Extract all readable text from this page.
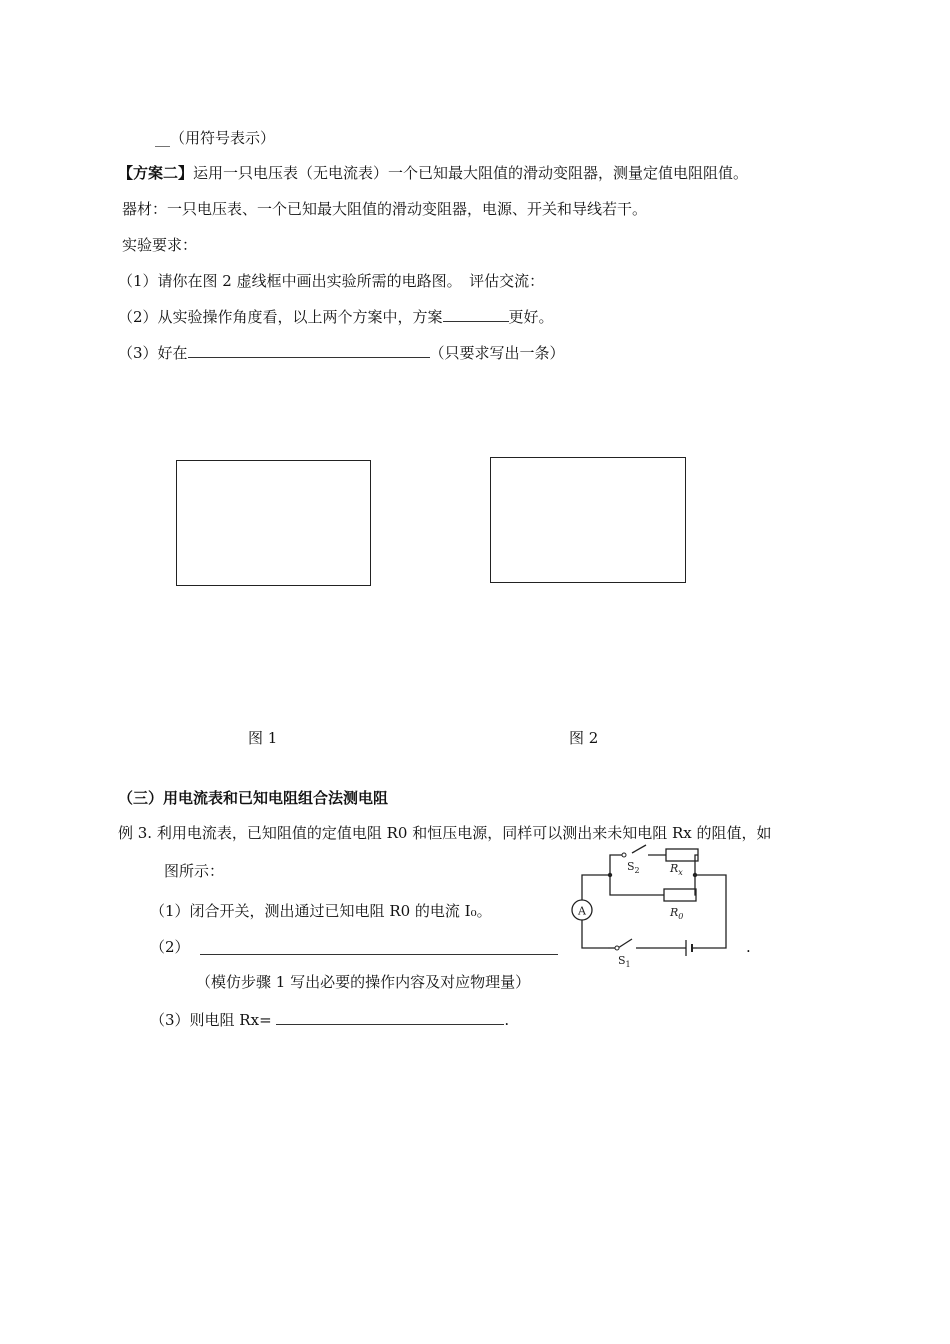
__（用符号表示）
【方案二】运用一只电压表（无电流表）一个已知最大阻值的滑动变阻器，测量定值电阻阻值。
器材：一只电压表、一个已知最大阻值的滑动变阻器，电源、开关和导线若干。
实验要求：
（1）请你在图 2 虚线框中画出实验所需的电路图。　评估交流：
（2）从实验操作角度看，以上两个方案中，方案	更好。
（3）好在	（只要求写出一条）
图 1	图 2
（三）用电流表和已知电阻组合法测电阻
例 3. 利用电流表，已知阻值的定值电阻 R0 和恒压电源，同样可以测出来未知电阻 Rx 的阻值，如
图所示：
（1）闭合开关，测出通过已知电阻 R0 的电流 I₀。
（2）	.
（模仿步骤 1 写出必要的操作内容及对应物理量）
（3）则电阻 Rx=	.
A
$S_2$	$R_x$
$R_0$
$S_1$
